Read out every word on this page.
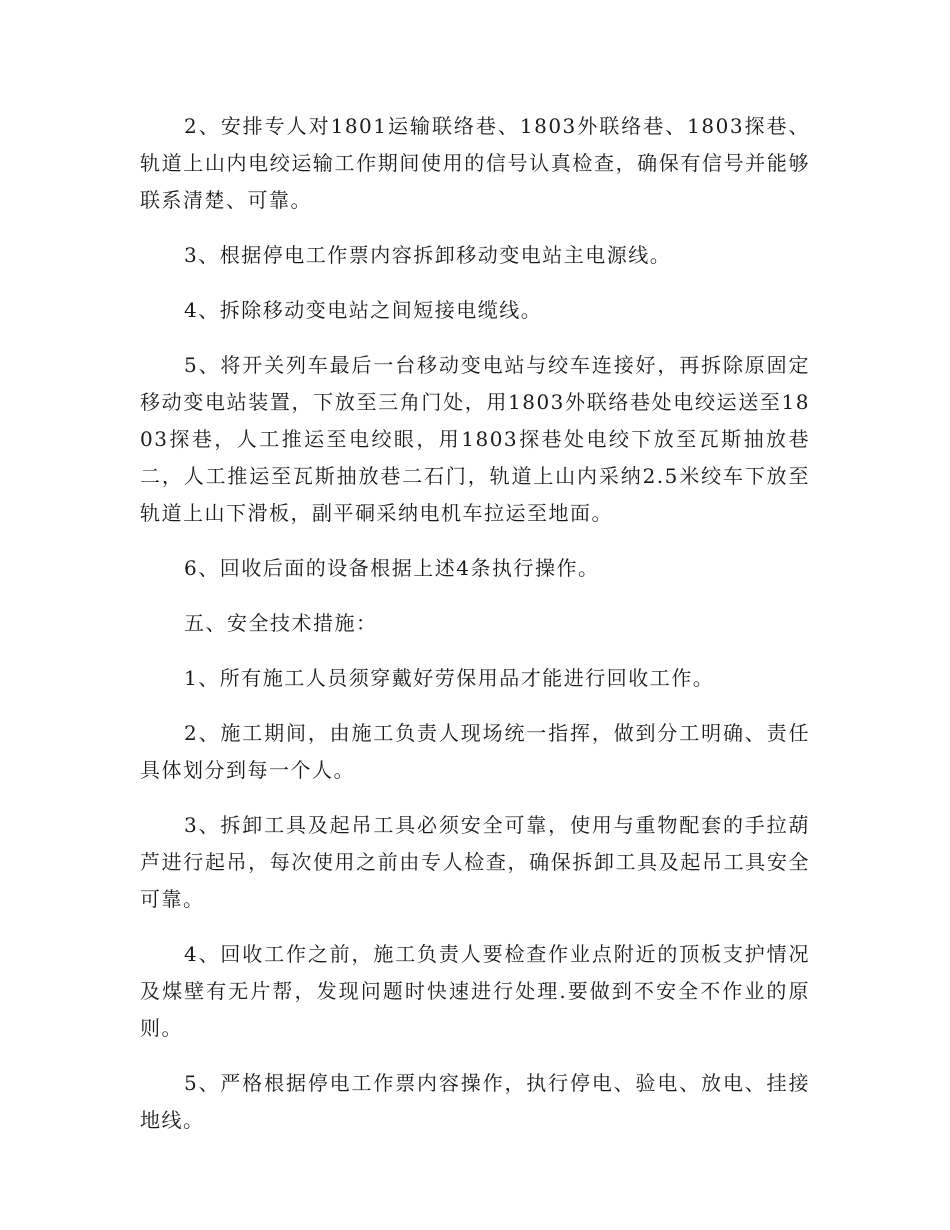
2、安排专人对1801运输联络巷、1803外联络巷、1803探巷、轨道上山内电绞运输工作期间使用的信号认真检查，确保有信号并能够联系清楚、可靠。

3、根据停电工作票内容拆卸移动变电站主电源线。

4、拆除移动变电站之间短接电缆线。

5、将开关列车最后一台移动变电站与绞车连接好，再拆除原固定移动变电站装置，下放至三角门处，用1803外联络巷处电绞运送至1803探巷，人工推运至电绞眼，用1803探巷处电绞下放至瓦斯抽放巷二，人工推运至瓦斯抽放巷二石门，轨道上山内采纳2.5米绞车下放至轨道上山下滑板，副平硐采纳电机车拉运至地面。

6、回收后面的设备根据上述4条执行操作。

五、安全技术措施：

1、所有施工人员须穿戴好劳保用品才能进行回收工作。

2、施工期间，由施工负责人现场统一指挥，做到分工明确、责任具体划分到每一个人。

3、拆卸工具及起吊工具必须安全可靠，使用与重物配套的手拉葫芦进行起吊，每次使用之前由专人检查，确保拆卸工具及起吊工具安全可靠。

4、回收工作之前，施工负责人要检查作业点附近的顶板支护情况及煤壁有无片帮，发现问题时快速进行处理.要做到不安全不作业的原则。

5、严格根据停电工作票内容操作，执行停电、验电、放电、挂接地线。
